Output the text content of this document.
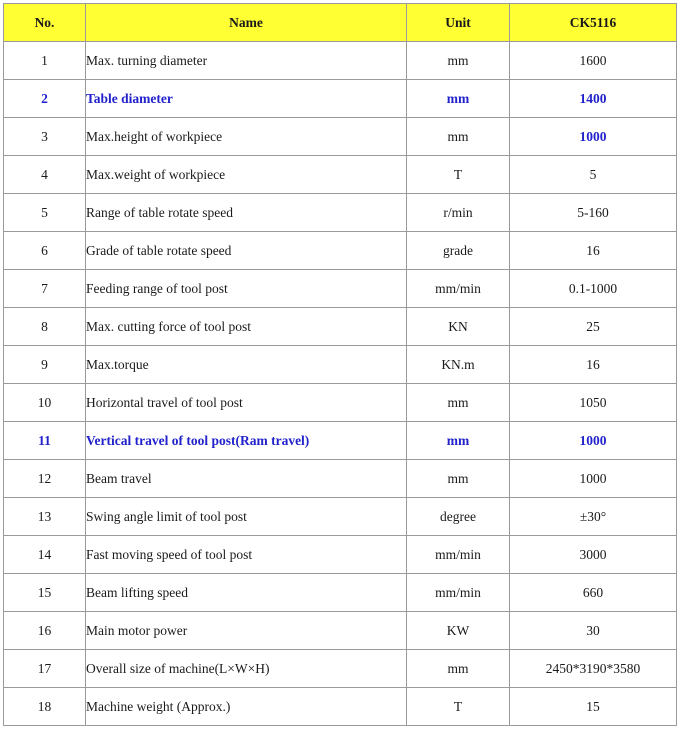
No.	Name	Unit	CK5116
1	Max. turning diameter	mm	1600
2	Table diameter	mm	1400
3	Max.height of workpiece	mm	1000
4	Max.weight of workpiece	T	5
5	Range of table rotate speed	r/min	5-160
6	Grade of table rotate speed	grade	16
7	Feeding range of tool post	mm/min	0.1-1000
8	Max. cutting force of tool post	KN	25
9	Max.torque	KN.m	16
10	Horizontal travel of tool post	mm	1050
11	Vertical travel of tool post(Ram travel)	mm	1000
12	Beam travel	mm	1000
13	Swing angle limit of tool post	degree	±30°
14	Fast moving speed of tool post	mm/min	3000
15	Beam lifting speed	mm/min	660
16	Main motor power	KW	30
17	Overall size of machine(L×W×H)	mm	2450*3190*3580
18	Machine weight (Approx.)	T	15
